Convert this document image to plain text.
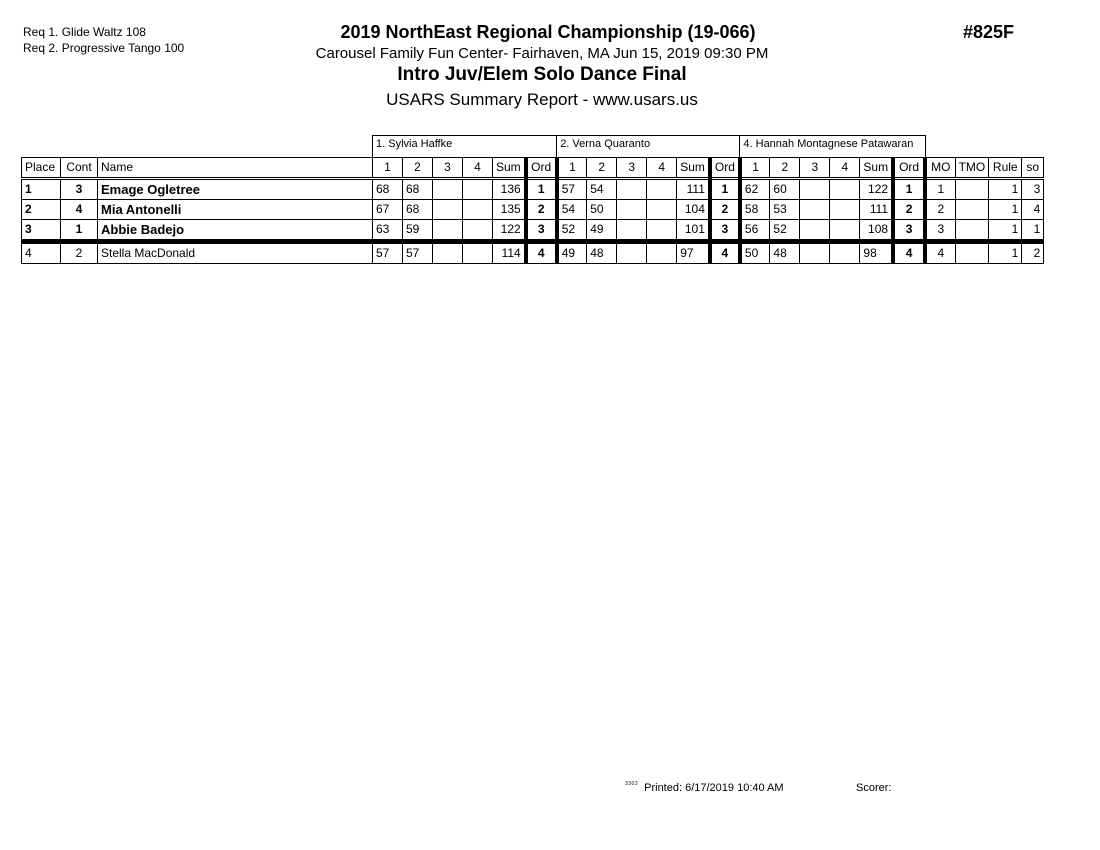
Req 1. Glide Waltz 108
Req 2. Progressive Tango 100
2019 NorthEast Regional Championship (19-066)
Carousel Family Fun Center- Fairhaven, MA Jun 15, 2019 09:30 PM
Intro Juv/Elem Solo Dance Final
USARS Summary Report - www.usars.us
#825F
			1. Sylvia Haffke						2. Verna Quaranto						4. Hannah Montagnese Patawaran									
Place	Cont	Name	1	2	3	4	Sum	Ord	1	2	3	4	Sum	Ord	1	2	3	4	Sum	Ord	MO	TMO	Rule	so
1	3	Emage Ogletree	68	68			136	1	57	54			111	1	62	60			122	1	1		1	3
2	4	Mia Antonelli	67	68			135	2	54	50			104	2	58	53			111	2	2		1	4
3	1	Abbie Badejo	63	59			122	3	52	49			101	3	56	52			108	3	3		1	1
4	2	Stella MacDonald	57	57			114	4	49	48			97	4	50	48			98	4	4		1	2
$^{3303}$ Printed: 6/17/2019 10:40 AM	Scorer:
